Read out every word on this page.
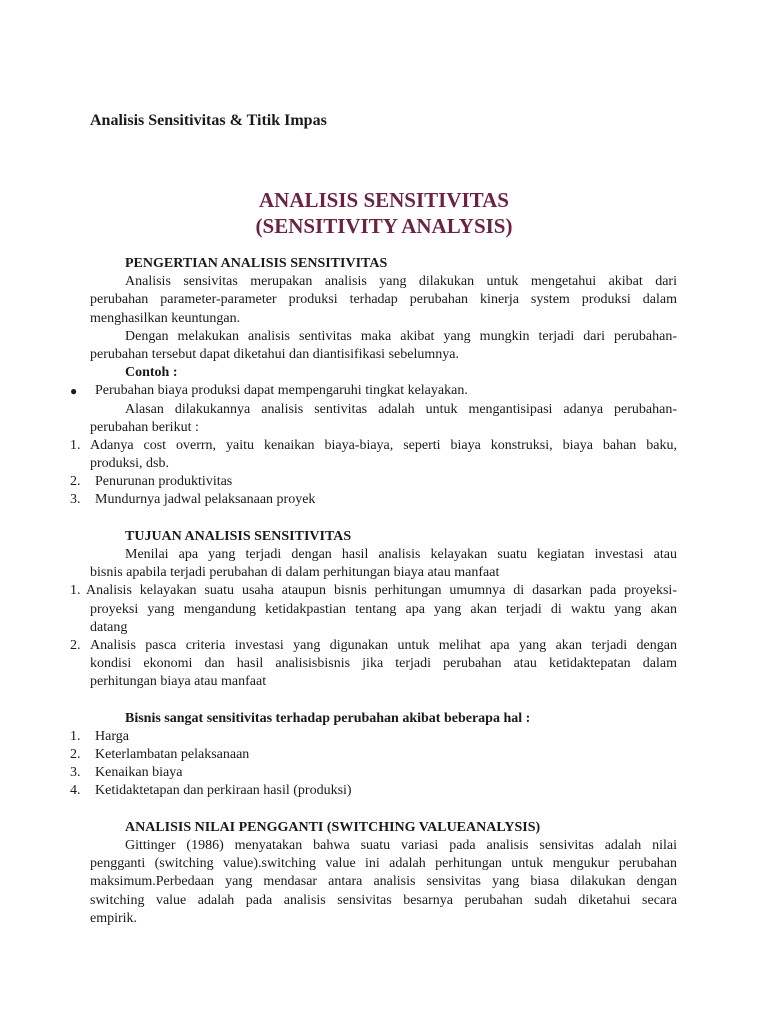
Analisis Sensitivitas & Titik Impas
ANALISIS SENSITIVITAS
(SENSITIVITY ANALYSIS)
PENGERTIAN ANALISIS SENSITIVITAS
Analisis sensivitas merupakan analisis yang dilakukan untuk mengetahui akibat dari
perubahan parameter-parameter produksi terhadap perubahan kinerja system produksi dalam
menghasilkan keuntungan.
Dengan melakukan analisis sentivitas maka akibat yang mungkin terjadi dari perubahan-
perubahan tersebut dapat diketahui dan diantisifikasi sebelumnya.
Contoh :
● Perubahan biaya produksi dapat mempengaruhi tingkat kelayakan.
Alasan dilakukannya analisis sentivitas adalah untuk mengantisipasi adanya perubahan-
perubahan berikut :
1. Adanya cost overrn, yaitu kenaikan biaya-biaya, seperti biaya konstruksi, biaya bahan baku,
produksi, dsb.
2. Penurunan produktivitas
3. Mundurnya jadwal pelaksanaan proyek
TUJUAN ANALISIS SENSITIVITAS
Menilai apa yang terjadi dengan hasil analisis kelayakan suatu kegiatan investasi atau
bisnis apabila terjadi perubahan di dalam perhitungan biaya atau manfaat
1. Analisis kelayakan suatu usaha ataupun bisnis perhitungan umumnya di dasarkan pada proyeksi-
proyeksi yang mengandung ketidakpastian tentang apa yang akan terjadi di waktu yang akan
datang
2. Analisis pasca criteria investasi yang digunakan untuk melihat apa yang akan terjadi dengan
kondisi ekonomi dan hasil analisisbisnis jika terjadi perubahan atau ketidaktepatan dalam
perhitungan biaya atau manfaat
Bisnis sangat sensitivitas terhadap perubahan akibat beberapa hal :
1. Harga
2. Keterlambatan pelaksanaan
3. Kenaikan biaya
4. Ketidaktetapan dan perkiraan hasil (produksi)
ANALISIS NILAI PENGGANTI (SWITCHING VALUEANALYSIS)
Gittinger (1986) menyatakan bahwa suatu variasi pada analisis sensivitas adalah nilai
pengganti (switching value).switching value ini adalah perhitungan untuk mengukur perubahan
maksimum.Perbedaan yang mendasar antara analisis sensivitas yang biasa dilakukan dengan
switching value adalah pada analisis sensivitas besarnya perubahan sudah diketahui secara
empirik.
